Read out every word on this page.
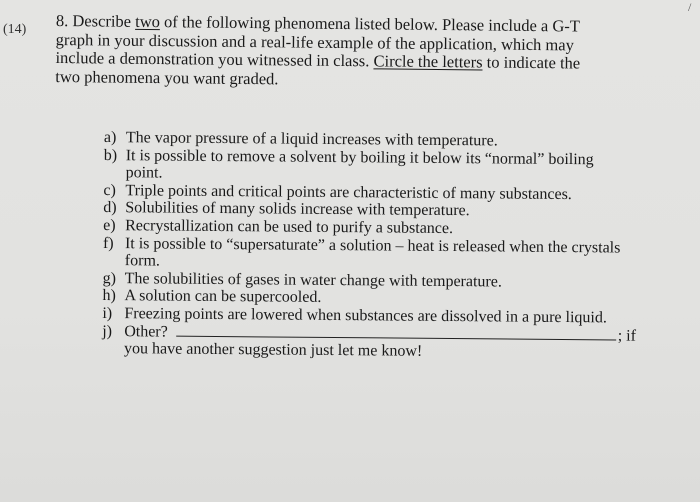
/
(14) 8. Describe two of the following phenomena listed below. Please include a G-T
graph in your discussion and a real-life example of the application, which may
include a demonstration you witnessed in class. Circle the letters to indicate the
two phenomena you want graded.
a) The vapor pressure of a liquid increases with temperature.
b) It is possible to remove a solvent by boiling it below its “normal” boiling
point.
c) Triple points and critical points are characteristic of many substances.
d) Solubilities of many solids increase with temperature.
e) Recrystallization can be used to purify a substance.
f) It is possible to “supersaturate” a solution – heat is released when the crystals
form.
g) The solubilities of gases in water change with temperature.
h) A solution can be supercooled.
i) Freezing points are lowered when substances are dissolved in a pure liquid.
j) Other?	; if
you have another suggestion just let me know!
